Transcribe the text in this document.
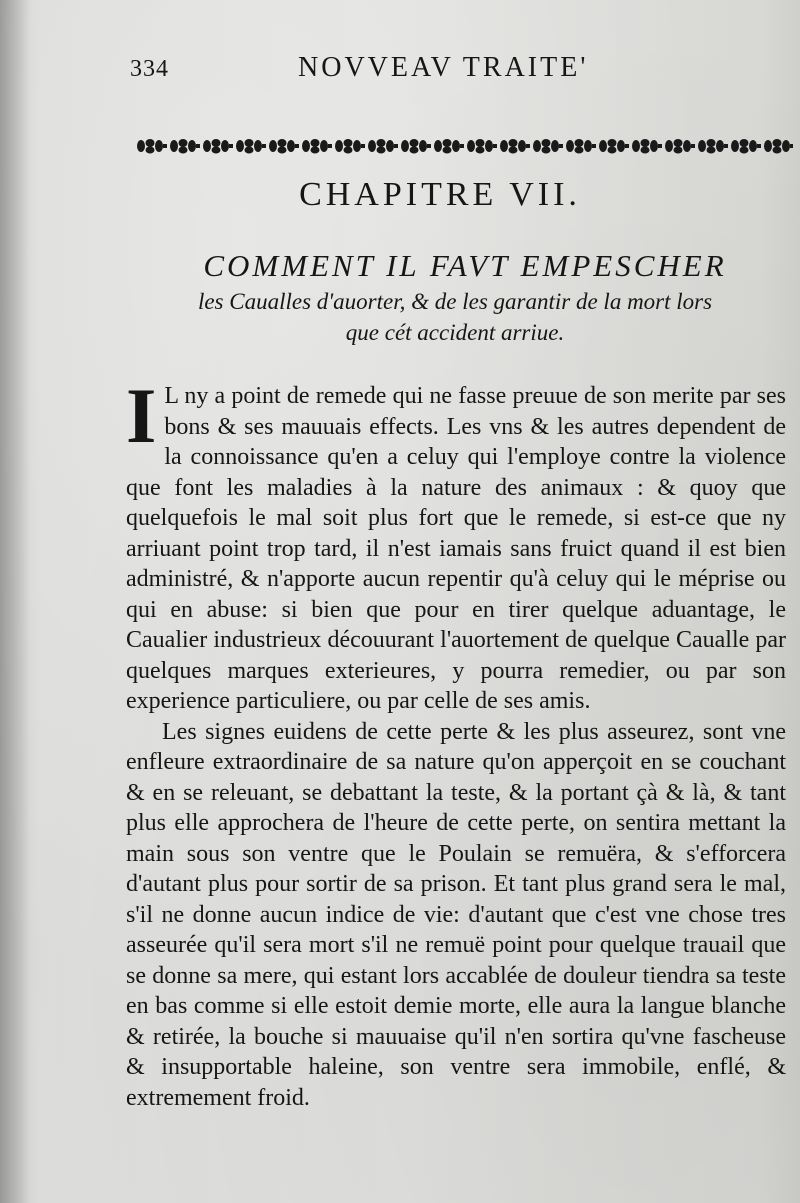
334	NOVVEAV TRAITE'
CHAPITRE VII.
COMMENT IL FAVT EMPESCHER
les Caualles d'auorter, & de les garantir de la mort lors
que cét accident arriue.

I L ny a point de remede qui ne fasse preuue de son merite par ses bons & ses mauuais effects. Les vns & les autres dependent de la connoissance qu'en a celuy qui l'employe contre la violence que font les maladies à la nature des animaux : & quoy que quelquefois le mal soit plus fort que le remede, si est-ce que ny arriuant point trop tard, il n'est iamais sans fruict quand il est bien administré, & n'apporte aucun repentir qu'à celuy qui le méprise ou qui en abuse: si bien que pour en tirer quelque aduantage, le Caualier industrieux découurant l'auortement de quelque Caualle par quelques marques exterieures, y pourra remedier, ou par son experience particuliere, ou par celle de ses amis.

Les signes euidens de cette perte & les plus asseurez, sont vne enfleure extraordinaire de sa nature qu'on apperçoit en se couchant & en se releuant, se debattant la teste, & la portant çà & là, & tant plus elle approchera de l'heure de cette perte, on sentira mettant la main sous son ventre que le Poulain se remuëra, & s'efforcera d'autant plus pour sortir de sa prison. Et tant plus grand sera le mal, s'il ne donne aucun indice de vie: d'autant que c'est vne chose tres asseurée qu'il sera mort s'il ne remuë point pour quelque trauail que se donne sa mere, qui estant lors accablée de douleur tiendra sa teste en bas comme si elle estoit demie morte, elle aura la langue blanche & retirée, la bouche si mauuaise qu'il n'en sortira qu'vne fascheuse & insupportable haleine, son ventre sera immobile, enflé, & extremement froid.
